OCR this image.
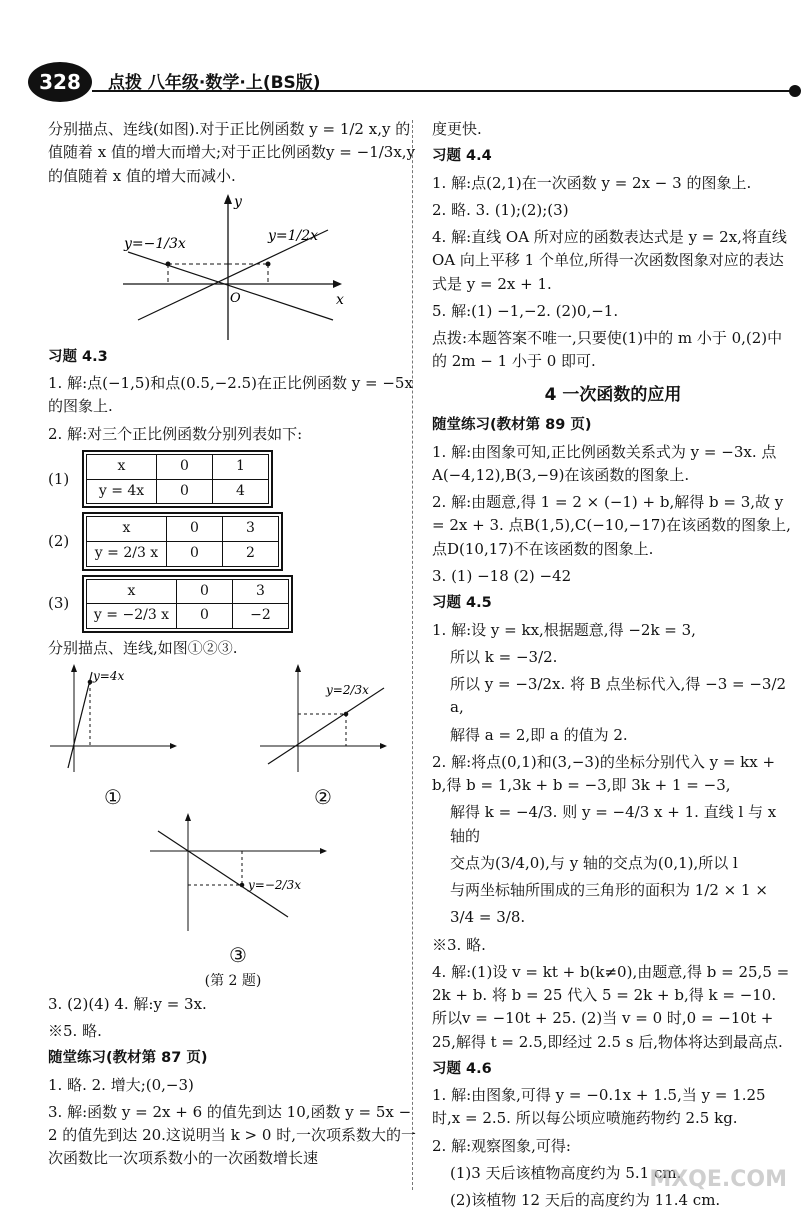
328	点拨 八年级·数学·上(BS版)

分别描点、连线(如图).对于正比例函数 y = 1/2 x,y 的值随着 x 值的增大而增大;对于正比例函数y = −1/3x,y 的值随着 x 值的增大而减小.

y=−1/3x	y=1/2x
x
y
O

习题 4.3

1. 解:点(−1,5)和点(0.5,−2.5)在正比例函数 y = −5x 的图象上.

2. 解:对三个正比例函数分别列表如下:

(1)
x	0	1
y = 4x	0	4
(2)
x	0	3
y = 2/3 x	0	2
(3)
x	0	3
y = −2/3 x	0	−2

分别描点、连线,如图①②③.

y=4x
①
y=2/3x
②
y=−2/3x
③
(第 2 题)

3. (2)(4) 4. 解:y = 3x.

※5. 略.

随堂练习(教材第 87 页)

1. 略. 2. 增大;(0,−3)

3. 解:函数 y = 2x + 6 的值先到达 10,函数 y = 5x − 2 的值先到达 20.这说明当 k > 0 时,一次项系数大的一次函数比一次项系数小的一次函数增长速

度更快.

习题 4.4

1. 解:点(2,1)在一次函数 y = 2x − 3 的图象上.

2. 略. 3. (1);(2);(3)

4. 解:直线 OA 所对应的函数表达式是 y = 2x,将直线 OA 向上平移 1 个单位,所得一次函数图象对应的表达式是 y = 2x + 1.

5. 解:(1) −1,−2. (2)0,−1.

点拨:本题答案不唯一,只要使(1)中的 m 小于 0,(2)中的 2m − 1 小于 0 即可.

4 一次函数的应用

随堂练习(教材第 89 页)

1. 解:由图象可知,正比例函数关系式为 y = −3x. 点 A(−4,12),B(3,−9)在该函数的图象上.

2. 解:由题意,得 1 = 2 × (−1) + b,解得 b = 3,故 y = 2x + 3. 点B(1,5),C(−10,−17)在该函数的图象上,点D(10,17)不在该函数的图象上.

3. (1) −18 (2) −42

习题 4.5

1. 解:设 y = kx,根据题意,得 −2k = 3,

所以 k = −3/2.

所以 y = −3/2x. 将 B 点坐标代入,得 −3 = −3/2 a,

解得 a = 2,即 a 的值为 2.

2. 解:将点(0,1)和(3,−3)的坐标分别代入 y = kx + b,得 b = 1,3k + b = −3,即 3k + 1 = −3,

解得 k = −4/3. 则 y = −4/3 x + 1. 直线 l 与 x 轴的

交点为(3/4,0),与 y 轴的交点为(0,1),所以 l

与两坐标轴所围成的三角形的面积为 1/2 × 1 ×

3/4 = 3/8.

※3. 略.

4. 解:(1)设 v = kt + b(k≠0),由题意,得 b = 25,5 = 2k + b. 将 b = 25 代入 5 = 2k + b,得 k = −10. 所以v = −10t + 25. (2)当 v = 0 时,0 = −10t + 25,解得 t = 2.5,即经过 2.5 s 后,物体将达到最高点.

习题 4.6

1. 解:由图象,可得 y = −0.1x + 1.5,当 y = 1.25 时,x = 2.5. 所以每公顷应喷施药物约 2.5 kg.

2. 解:观察图象,可得:

(1)3 天后该植物高度约为 5.1 cm.

(2)该植物 12 天后的高度约为 11.4 cm.

MXQE.COM
